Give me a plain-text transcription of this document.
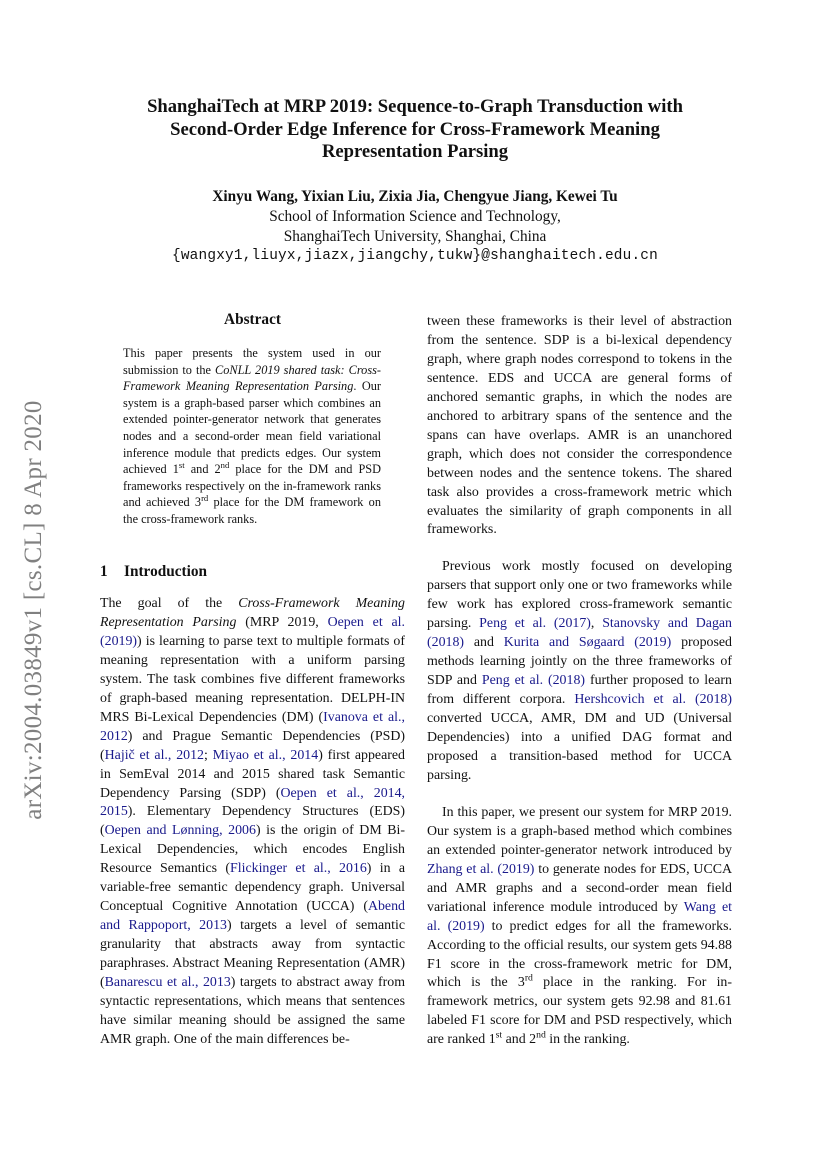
arXiv:2004.03849v1 [cs.CL] 8 Apr 2020
ShanghaiTech at MRP 2019: Sequence-to-Graph Transduction with
Second-Order Edge Inference for Cross-Framework Meaning
Representation Parsing
Xinyu Wang, Yixian Liu, Zixia Jia, Chengyue Jiang, Kewei Tu
School of Information Science and Technology,
ShanghaiTech University, Shanghai, China
{wangxy1,liuyx,jiazx,jiangchy,tukw}@shanghaitech.edu.cn
Abstract
This paper presents the system used in our submission to the CoNLL 2019 shared task: Cross-Framework Meaning Representation Parsing. Our system is a graph-based parser which combines an extended pointer-generator network that generates nodes and a second-order mean field variational inference module that predicts edges. Our system achieved 1st and 2nd place for the DM and PSD frameworks respectively on the in-framework ranks and achieved 3rd place for the DM framework on the cross-framework ranks.
1 Introduction

The goal of the Cross-Framework Meaning Representation Parsing (MRP 2019, Oepen et al. (2019)) is learning to parse text to multiple formats of meaning representation with a uniform parsing system. The task combines five different frameworks of graph-based meaning representation. DELPH-IN MRS Bi-Lexical Dependencies (DM) (Ivanova et al., 2012) and Prague Semantic Dependencies (PSD) (Hajič et al., 2012; Miyao et al., 2014) first appeared in SemEval 2014 and 2015 shared task Semantic Dependency Parsing (SDP) (Oepen et al., 2014, 2015). Elementary Dependency Structures (EDS) (Oepen and Lønning, 2006) is the origin of DM Bi-Lexical Dependencies, which encodes English Resource Semantics (Flickinger et al., 2016) in a variable-free semantic dependency graph. Universal Conceptual Cognitive Annotation (UCCA) (Abend and Rappoport, 2013) targets a level of semantic granularity that abstracts away from syntactic paraphrases. Abstract Meaning Representation (AMR) (Banarescu et al., 2013) targets to abstract away from syntactic representations, which means that sentences have similar meaning should be assigned the same AMR graph. One of the main differences be-

tween these frameworks is their level of abstraction from the sentence. SDP is a bi-lexical dependency graph, where graph nodes correspond to tokens in the sentence. EDS and UCCA are general forms of anchored semantic graphs, in which the nodes are anchored to arbitrary spans of the sentence and the spans can have overlaps. AMR is an unanchored graph, which does not consider the correspondence between nodes and the sentence tokens. The shared task also provides a cross-framework metric which evaluates the similarity of graph components in all frameworks.

Previous work mostly focused on developing parsers that support only one or two frameworks while few work has explored cross-framework semantic parsing. Peng et al. (2017), Stanovsky and Dagan (2018) and Kurita and Søgaard (2019) proposed methods learning jointly on the three frameworks of SDP and Peng et al. (2018) further proposed to learn from different corpora. Hershcovich et al. (2018) converted UCCA, AMR, DM and UD (Universal Dependencies) into a unified DAG format and proposed a transition-based method for UCCA parsing.

In this paper, we present our system for MRP 2019. Our system is a graph-based method which combines an extended pointer-generator network introduced by Zhang et al. (2019) to generate nodes for EDS, UCCA and AMR graphs and a second-order mean field variational inference module introduced by Wang et al. (2019) to predict edges for all the frameworks. According to the official results, our system gets 94.88 F1 score in the cross-framework metric for DM, which is the 3rd place in the ranking. For in-framework metrics, our system gets 92.98 and 81.61 labeled F1 score for DM and PSD respectively, which are ranked 1st and 2nd in the ranking.
